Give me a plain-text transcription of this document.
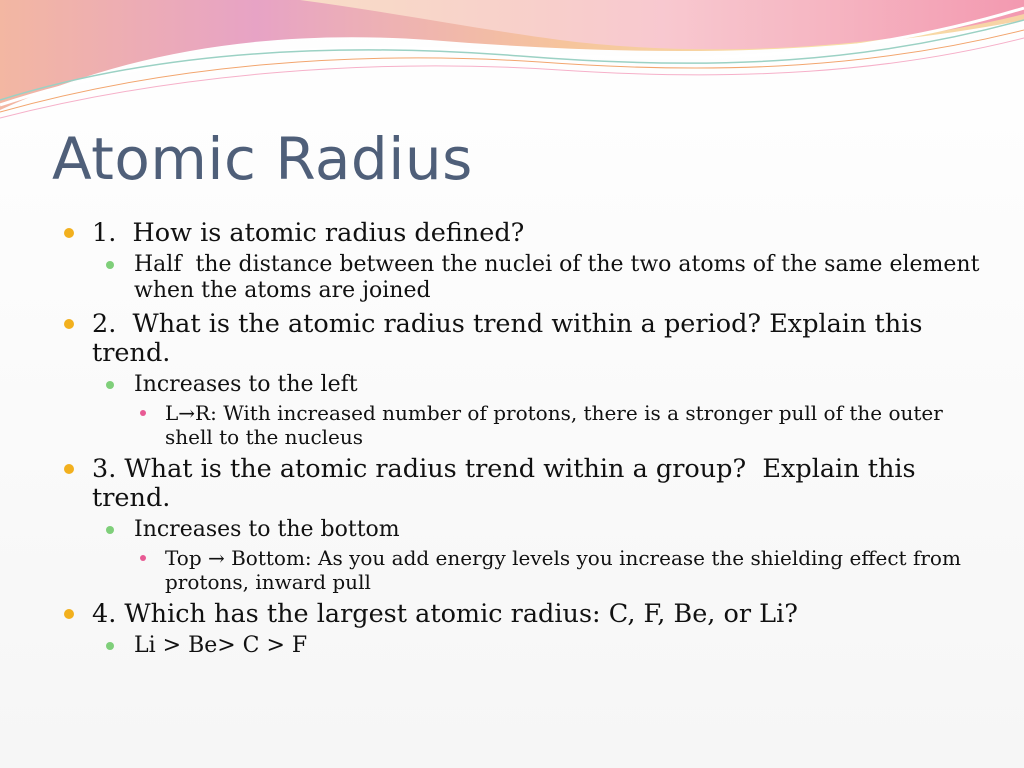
Atomic Radius
1.  How is atomic radius defined?
Half  the distance between the nuclei of the two atoms of the same element when the atoms are joined
2.  What is the atomic radius trend within a period? Explain this trend.
Increases to the left
L→R: With increased number of protons, there is a stronger pull of the outer shell to the nucleus
3. What is the atomic radius trend within a group?  Explain this trend.
Increases to the bottom
Top → Bottom: As you add energy levels you increase the shielding effect from protons, inward pull
4. Which has the largest atomic radius: C, F, Be, or Li?
Li > Be> C > F
